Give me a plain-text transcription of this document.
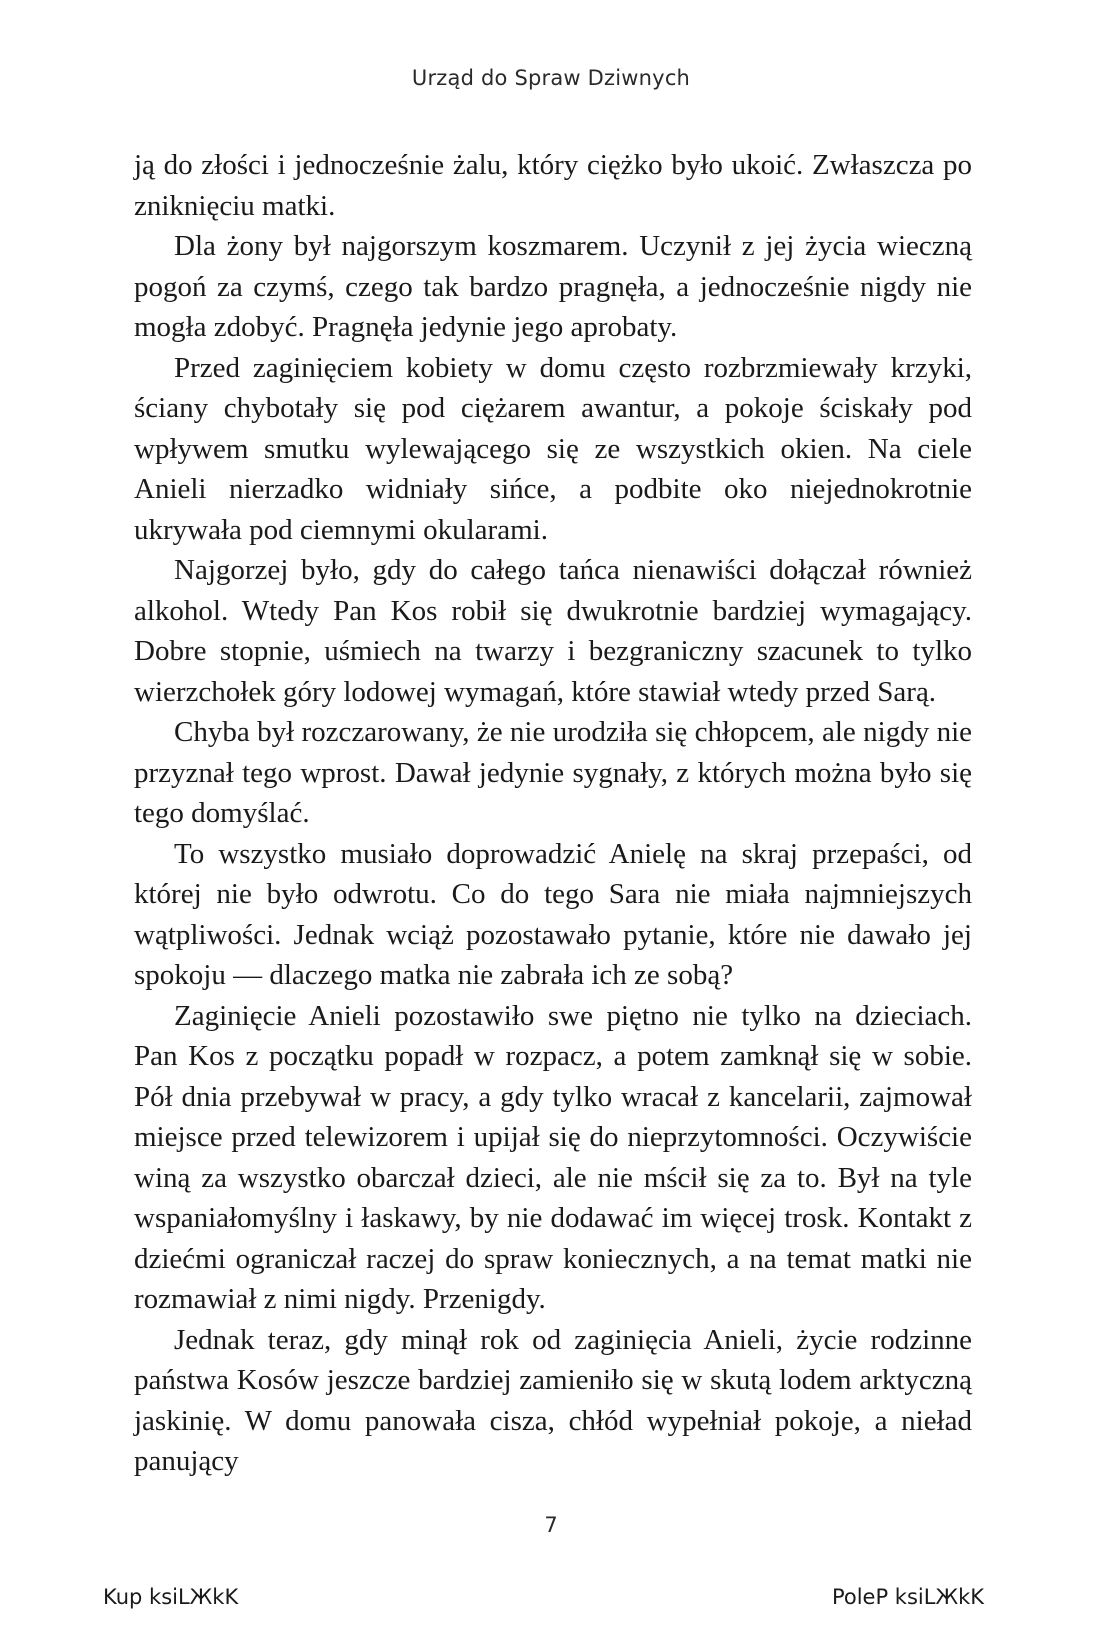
Urząd do Spraw Dziwnych

ją do złości i jednocześnie żalu, który ciężko było ukoić. Zwłaszcza po zniknięciu matki.

Dla żony był najgorszym koszmarem. Uczynił z jej życia wieczną pogoń za czymś, czego tak bardzo pragnęła, a jednocześnie nigdy nie mogła zdobyć. Pragnęła jedynie jego aprobaty.

Przed zaginięciem kobiety w domu często rozbrzmiewały krzyki, ściany chybotały się pod ciężarem awantur, a pokoje ściskały pod wpływem smutku wylewającego się ze wszystkich okien. Na ciele Anieli nierzadko widniały sińce, a podbite oko niejednokrotnie ukrywała pod ciemnymi okularami.

Najgorzej było, gdy do całego tańca nienawiści dołączał również alkohol. Wtedy Pan Kos robił się dwukrotnie bardziej wymagający. Dobre stopnie, uśmiech na twarzy i bezgraniczny szacunek to tylko wierzchołek góry lodowej wymagań, które stawiał wtedy przed Sarą.

Chyba był rozczarowany, że nie urodziła się chłopcem, ale nigdy nie przyznał tego wprost. Dawał jedynie sygnały, z których można było się tego domyślać.

To wszystko musiało doprowadzić Anielę na skraj przepaści, od której nie było odwrotu. Co do tego Sara nie miała najmniejszych wątpliwości. Jednak wciąż pozostawało pytanie, które nie dawało jej spokoju — dlaczego matka nie zabrała ich ze sobą?

Zaginięcie Anieli pozostawiło swe piętno nie tylko na dzieciach. Pan Kos z początku popadł w rozpacz, a potem zamknął się w sobie. Pół dnia przebywał w pracy, a gdy tylko wracał z kancelarii, zajmował miejsce przed telewizorem i upijał się do nieprzytomności. Oczywiście winą za wszystko obarczał dzieci, ale nie mścił się za to. Był na tyle wspaniałomyślny i łaskawy, by nie dodawać im więcej trosk. Kontakt z dziećmi ograniczał raczej do spraw koniecznych, a na temat matki nie rozmawiał z nimi nigdy. Przenigdy.

Jednak teraz, gdy minął rok od zaginięcia Anieli, życie rodzinne państwa Kosów jeszcze bardziej zamieniło się w skutą lodem arktyczną jaskinię. W domu panowała cisza, chłód wypełniał pokoje, a nieład panujący

7
Kup ksiLЖkK	PoleP ksiLЖkK
